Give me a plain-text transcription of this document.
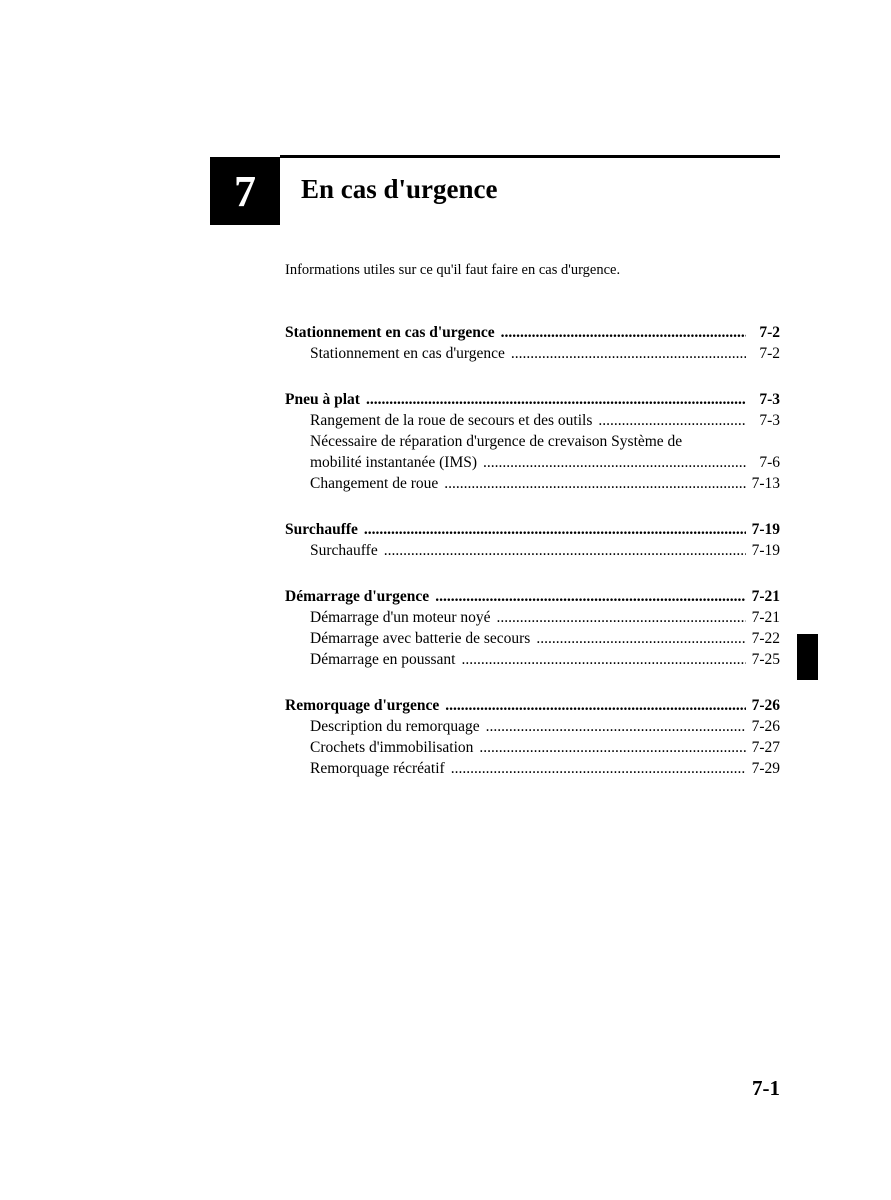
7 En cas d'urgence
Informations utiles sur ce qu'il faut faire en cas d'urgence.
Stationnement en cas d'urgence .....	7-2
Stationnement en cas d'urgence .....	7-2
Pneu à plat .....	7-3
Rangement de la roue de secours et des outils .....	7-3
Nécessaire de réparation d'urgence de crevaison Système de
mobilité instantanée (IMS) .....	7-6
Changement de roue .....	7-13
Surchauffe .....	7-19
Surchauffe .....	7-19
Démarrage d'urgence .....	7-21
Démarrage d'un moteur noyé .....	7-21
Démarrage avec batterie de secours .....	7-22
Démarrage en poussant .....	7-25
Remorquage d'urgence .....	7-26
Description du remorquage .....	7-26
Crochets d'immobilisation .....	7-27
Remorquage récréatif .....	7-29
7-1
